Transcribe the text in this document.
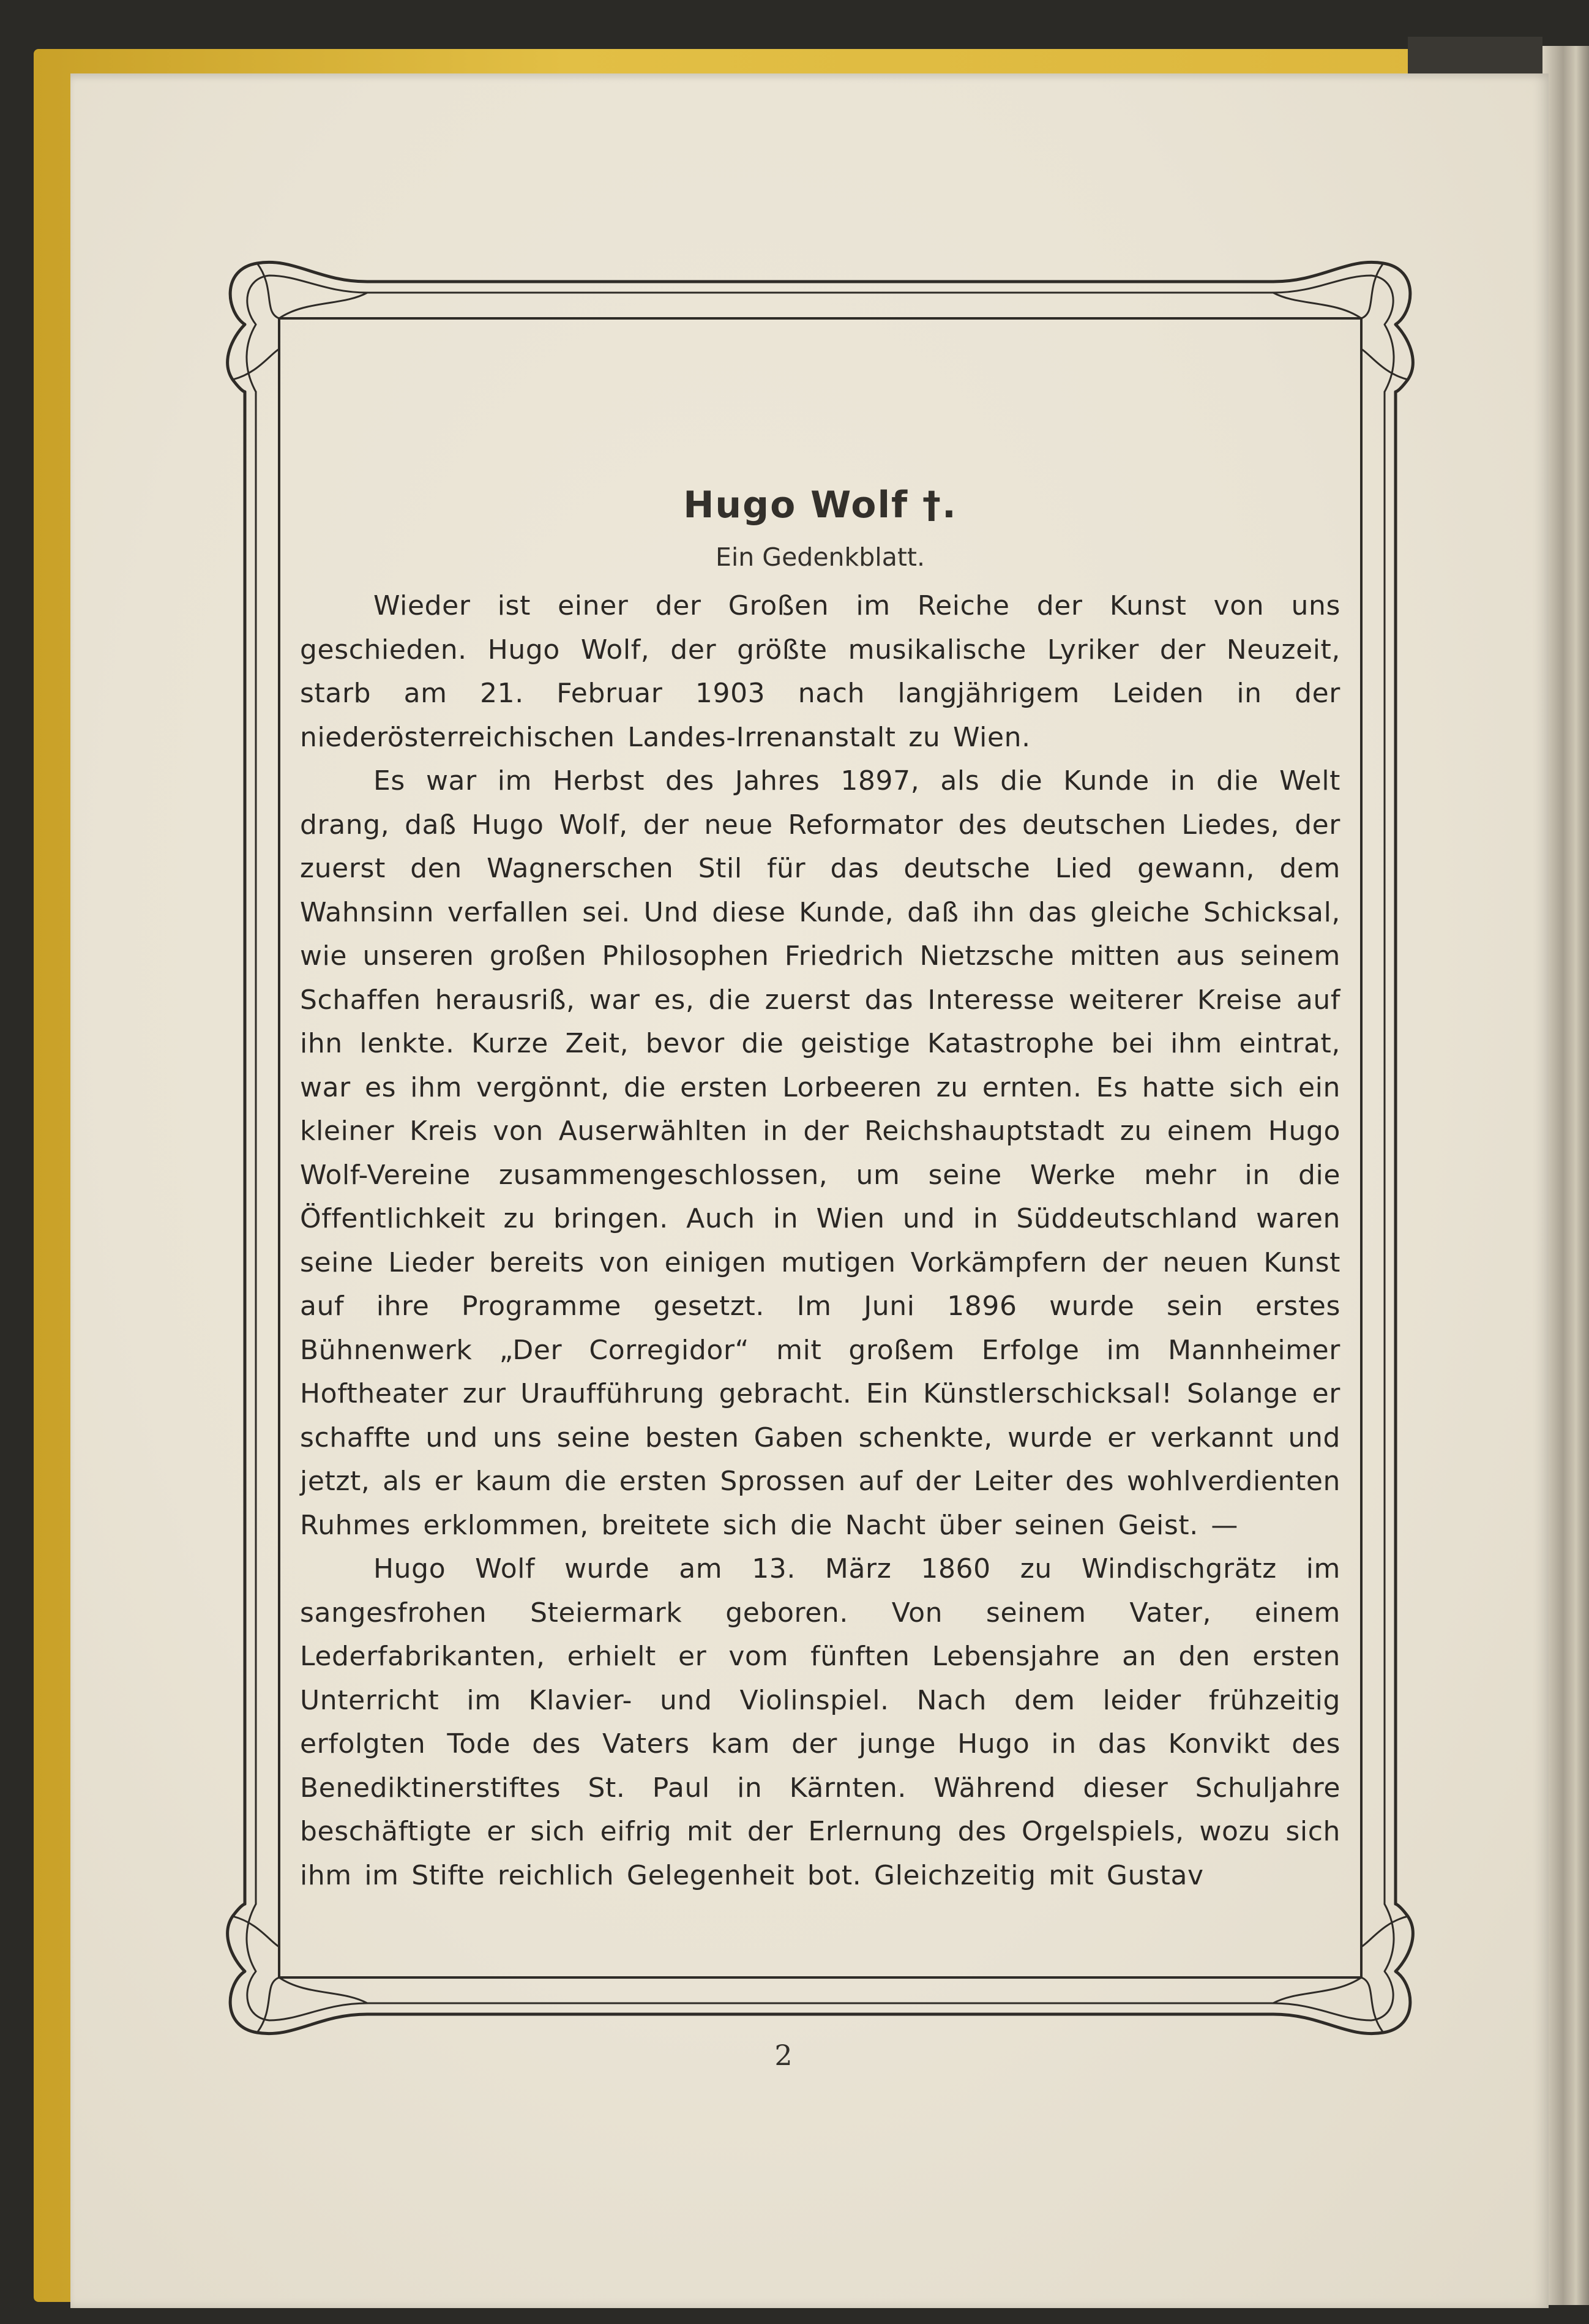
Hugo Wolf †.
Ein Gedenkblatt.

Wieder ist einer der Großen im Reiche der Kunst von uns geschieden. Hugo Wolf, der größte musikalische Lyriker der Neuzeit, starb am 21. Februar 1903 nach langjährigem Leiden in der niederösterreichischen Landes-Irrenanstalt zu Wien.

Es war im Herbst des Jahres 1897, als die Kunde in die Welt drang, daß Hugo Wolf, der neue Reformator des deutschen Liedes, der zuerst den Wagnerschen Stil für das deutsche Lied gewann, dem Wahnsinn verfallen sei. Und diese Kunde, daß ihn das gleiche Schicksal, wie unseren großen Philosophen Friedrich Nietzsche mitten aus seinem Schaffen herausriß, war es, die zuerst das Interesse weiterer Kreise auf ihn lenkte. Kurze Zeit, bevor die geistige Katastrophe bei ihm eintrat, war es ihm vergönnt, die ersten Lorbeeren zu ernten. Es hatte sich ein kleiner Kreis von Auserwählten in der Reichshauptstadt zu einem Hugo Wolf-Vereine zusammengeschlossen, um seine Werke mehr in die Öffentlichkeit zu bringen. Auch in Wien und in Süddeutschland waren seine Lieder bereits von einigen mutigen Vorkämpfern der neuen Kunst auf ihre Programme gesetzt. Im Juni 1896 wurde sein erstes Bühnenwerk „Der Corregidor“ mit großem Erfolge im Mannheimer Hoftheater zur Uraufführung gebracht. Ein Künstlerschicksal! Solange er schaffte und uns seine besten Gaben schenkte, wurde er verkannt und jetzt, als er kaum die ersten Sprossen auf der Leiter des wohlverdienten Ruhmes erklommen, breitete sich die Nacht über seinen Geist. —

Hugo Wolf wurde am 13. März 1860 zu Windischgrätz im sangesfrohen Steiermark geboren. Von seinem Vater, einem Lederfabrikanten, erhielt er vom fünften Lebensjahre an den ersten Unterricht im Klavier- und Violinspiel. Nach dem leider frühzeitig erfolgten Tode des Vaters kam der junge Hugo in das Konvikt des Benediktinerstiftes St. Paul in Kärnten. Während dieser Schuljahre beschäftigte er sich eifrig mit der Erlernung des Orgelspiels, wozu sich ihm im Stifte reichlich Gelegenheit bot. Gleichzeitig mit Gustav

2
